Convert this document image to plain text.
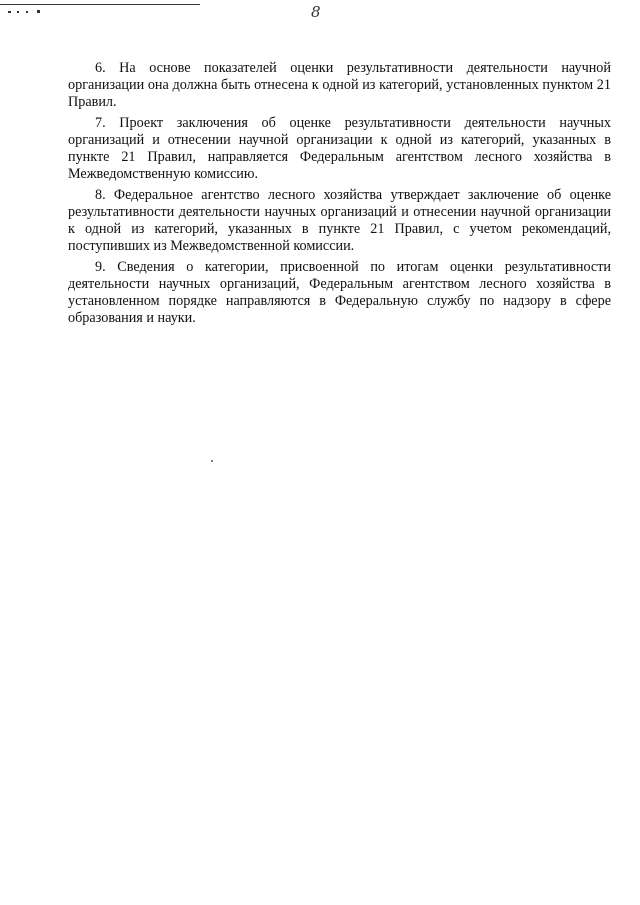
8

6. На основе показателей оценки результативности деятельности научной организации она должна быть отнесена к одной из категорий, установленных пунктом 21 Правил.

7. Проект заключения об оценке результативности деятельности научных организаций и отнесении научной организации к одной из категорий, указанных в пункте 21 Правил, направляется Федеральным агентством лесного хозяйства в Межведомственную комиссию.

8. Федеральное агентство лесного хозяйства утверждает заключение об оценке результативности деятельности научных организаций и отнесении научной организации к одной из категорий, указанных в пункте 21 Правил, с учетом рекомендаций, поступивших из Межведомственной комиссии.

9. Сведения о категории, присвоенной по итогам оценки результативности деятельности научных организаций, Федеральным агентством лесного хозяйства в установленном порядке направляются в Федеральную службу по надзору в сфере образования и науки.
